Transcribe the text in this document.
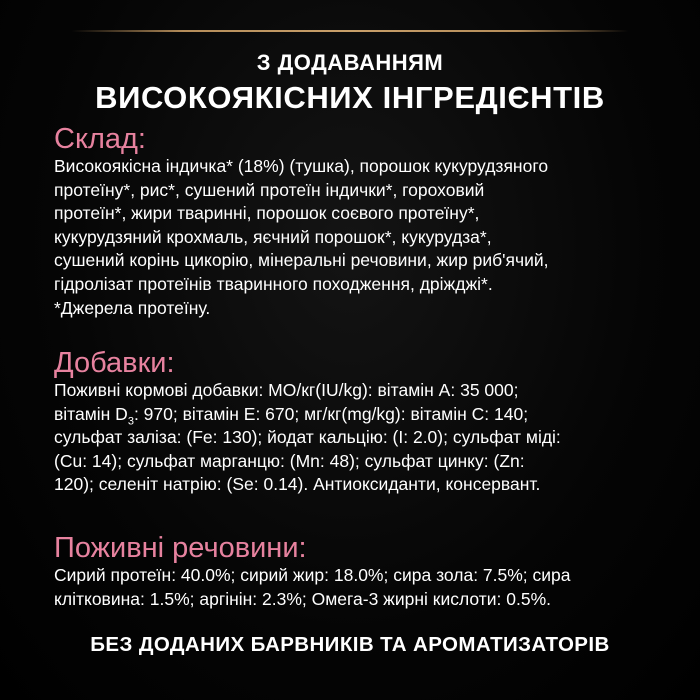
З ДОДАВАННЯМ
ВИСОКОЯКІСНИХ ІНГРЕДІЄНТІВ
Склад:

Високоякісна індичка* (18%) (тушка), порошок кукурудзяного
протеїну*, рис*, сушений протеїн індички*, гороховий
протеїн*, жири тваринні, порошок соєвого протеїну*,
кукурудзяний крохмаль, яєчний порошок*, кукурудза*,
сушений корінь цикорію, мінеральні речовини, жир риб'ячий,
гідролізат протеїнів тваринного походження, дріжджі*.
*Джерела протеїну.

Добавки:

Поживні кормові добавки: МО/кг(IU/kg): вітамін А: 35 000;
вітамін $D_3$: 970; вітамін Е: 670; мг/кг(mg/kg): вітамін С: 140;
сульфат заліза: (Fe: 130); йодат кальцію: (I: 2.0); сульфат міді:
(Cu: 14); сульфат марганцю: (Mn: 48); сульфат цинку: (Zn:
120); селеніт натрію: (Se: 0.14). Антиоксиданти, консервант.

Поживні речовини:

Сирий протеїн: 40.0%; сирий жир: 18.0%; сира зола: 7.5%; сира
клітковина: 1.5%; аргінін: 2.3%; Омега-3 жирні кислоти: 0.5%.

БЕЗ ДОДАНИХ БАРВНИКІВ ТА АРОМАТИЗАТОРІВ
